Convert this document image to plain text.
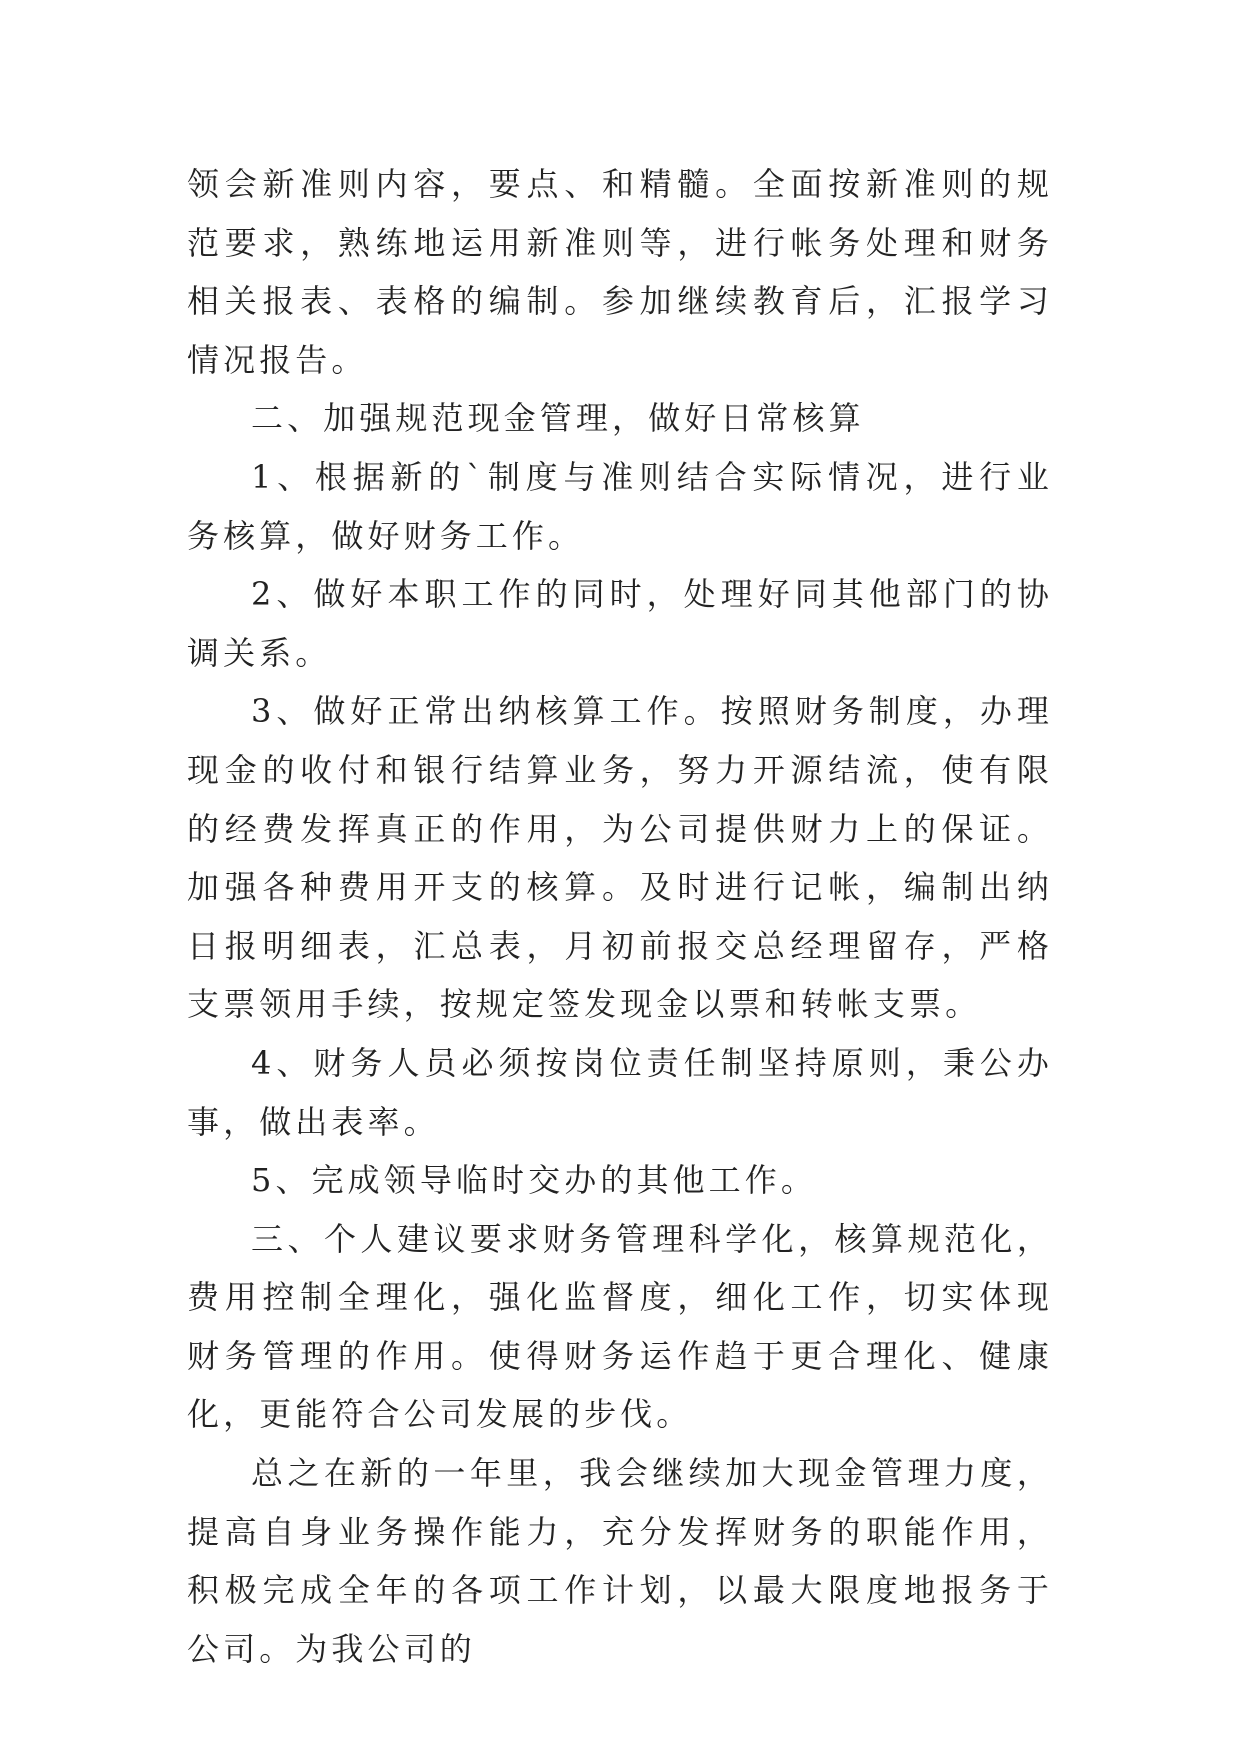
领会新准则内容，要点、和精髓。全面按新准则的规范要求，熟练地运用新准则等，进行帐务处理和财务相关报表、表格的编制。参加继续教育后，汇报学习情况报告。

二、加强规范现金管理，做好日常核算

1、根据新的`制度与准则结合实际情况，进行业务核算，做好财务工作。

2、做好本职工作的同时，处理好同其他部门的协调关系。

3、做好正常出纳核算工作。按照财务制度，办理现金的收付和银行结算业务，努力开源结流，使有限的经费发挥真正的作用，为公司提供财力上的保证。加强各种费用开支的核算。及时进行记帐，编制出纳日报明细表，汇总表，月初前报交总经理留存，严格支票领用手续，按规定签发现金以票和转帐支票。

4、财务人员必须按岗位责任制坚持原则，秉公办事，做出表率。

5、完成领导临时交办的其他工作。

三、个人建议要求财务管理科学化，核算规范化，费用控制全理化，强化监督度，细化工作，切实体现财务管理的作用。使得财务运作趋于更合理化、健康化，更能符合公司发展的步伐。

总之在新的一年里，我会继续加大现金管理力度，提高自身业务操作能力，充分发挥财务的职能作用，积极完成全年的各项工作计划，以最大限度地报务于公司。为我公司的
